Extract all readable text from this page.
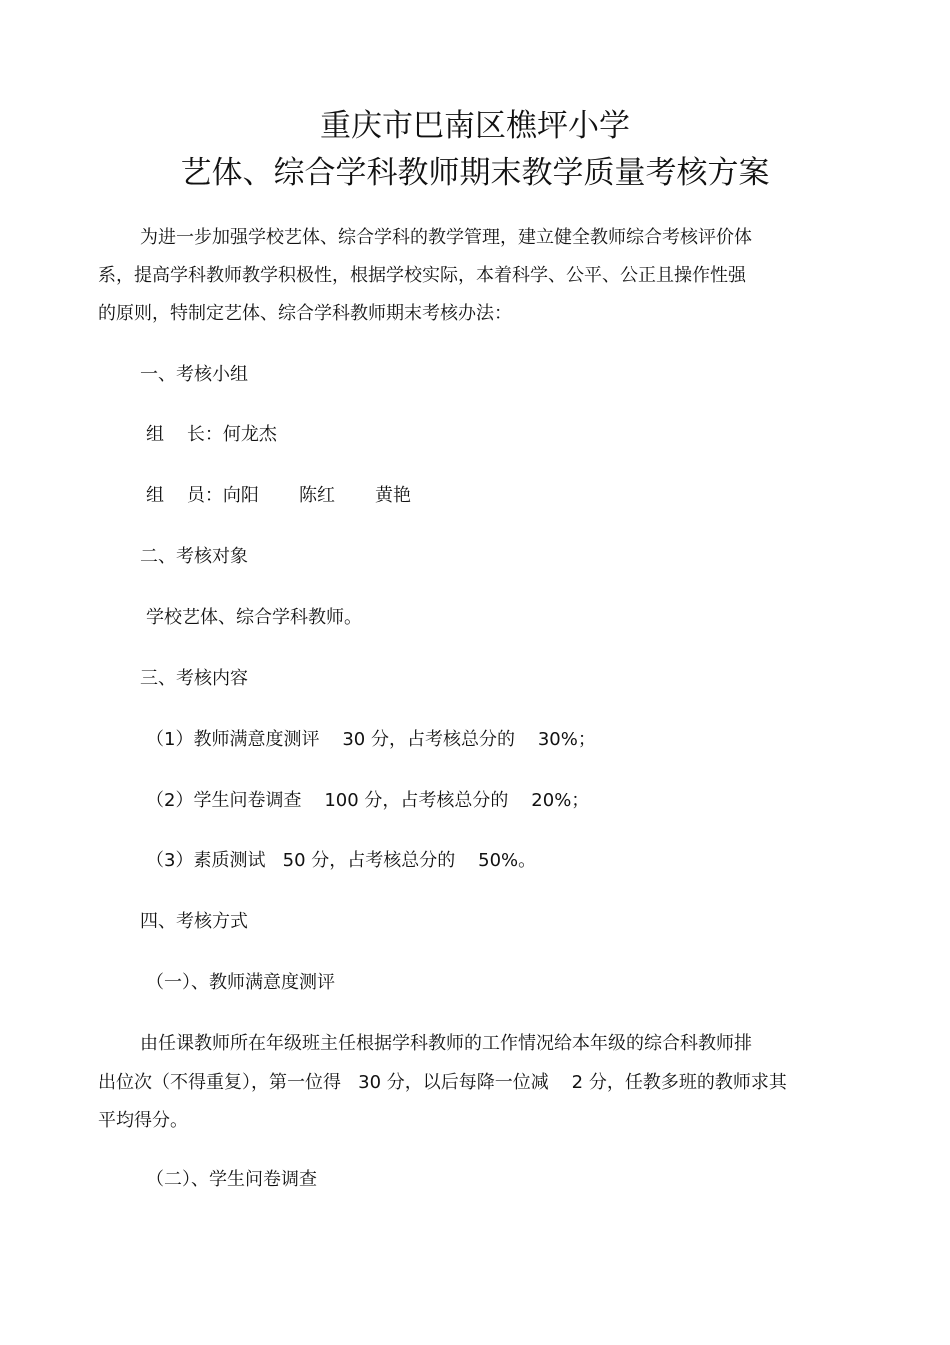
重庆市巴南区樵坪小学
艺体、综合学科教师期末教学质量考核方案
为进一步加强学校艺体、综合学科的教学管理，建立健全教师综合考核评价体
系，提高学科教师教学积极性，根据学校实际，本着科学、公平、公正且操作性强
的原则，特制定艺体、综合学科教师期末考核办法：
一、考核小组
组    长：何龙杰
组    员：向阳       陈红       黄艳
二、考核对象
学校艺体、综合学科教师。
三、考核内容
（1）教师满意度测评    30 分，占考核总分的    30%；
（2）学生问卷调查    100 分，占考核总分的    20%；
（3）素质测试   50 分，占考核总分的    50%。
四、考核方式
（一）、教师满意度测评
由任课教师所在年级班主任根据学科教师的工作情况给本年级的综合科教师排
出位次（不得重复），第一位得   30 分，以后每降一位减    2 分，任教多班的教师求其
平均得分。
（二）、学生问卷调查
